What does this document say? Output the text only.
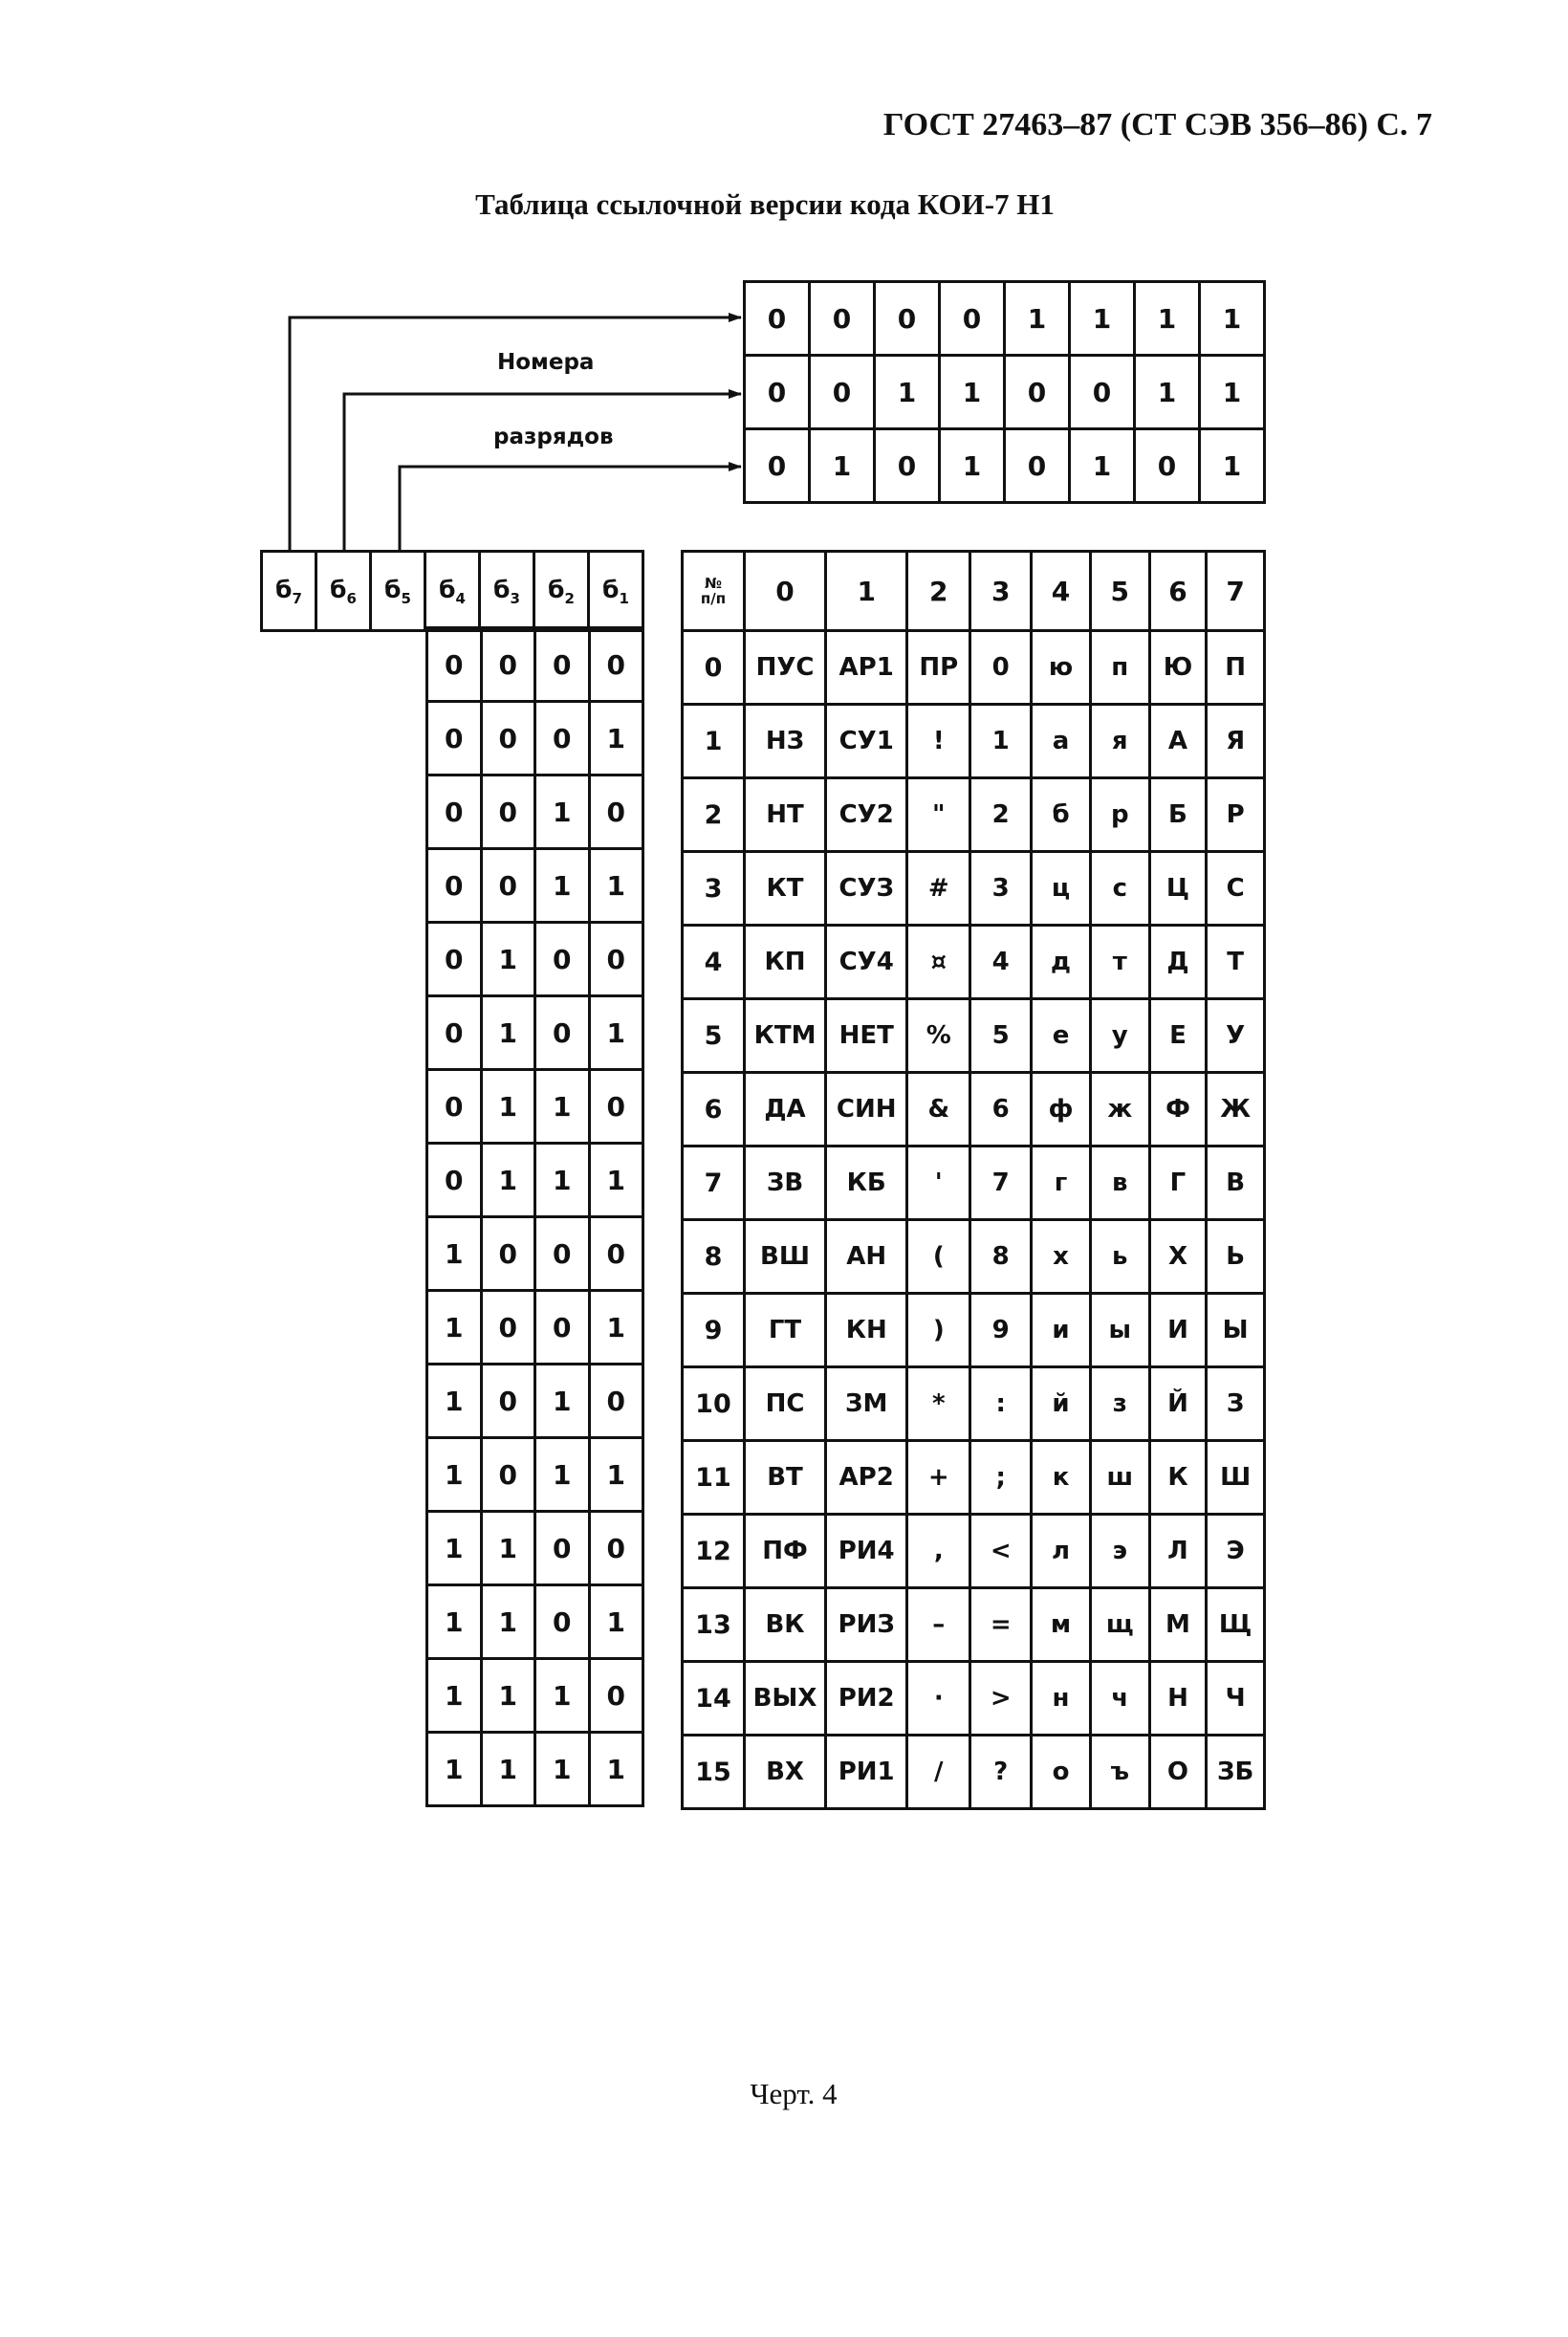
ГОСТ 27463–87 (СТ СЭВ 356–86) С. 7
Таблица ссылочной версии кода КОИ-7 Н1
Номера
разрядов
0	0	0	0	1	1	1	1
0	0	1	1	0	0	1	1
0	1	0	1	0	1	0	1
$б_7$	$б_6$	$б_5$	$б_4$	$б_3$	$б_2$	$б_1$
0	0	0	0
0	0	0	1
0	0	1	0
0	0	1	1
0	1	0	0
0	1	0	1
0	1	1	0
0	1	1	1
1	0	0	0
1	0	0	1
1	0	1	0
1	0	1	1
1	1	0	0
1	1	0	1
1	1	1	0
1	1	1	1
№
п/п	0	1	2	3	4	5	6	7
0	ПУС	АР1	ПР	0	ю	п	Ю	П
1	НЗ	СУ1	!	1	а	я	А	Я
2	НТ	СУ2	"	2	б	р	Б	Р
3	КТ	СУЗ	#	3	ц	с	Ц	С
4	КП	СУ4	¤	4	д	т	Д	Т
5	КТМ	НЕТ	%	5	е	у	Е	У
6	ДА	СИН	&	6	ф	ж	Ф	Ж
7	ЗВ	КБ	'	7	г	в	Г	В
8	ВШ	АН	(	8	х	ь	Х	Ь
9	ГТ	КН	)	9	и	ы	И	Ы
10	ПС	ЗМ	*	:	й	з	Й	З
11	ВТ	АР2	+	;	к	ш	К	Ш
12	ПФ	РИ4	,	<	л	э	Л	Э
13	ВК	РИЗ	–	=	м	щ	М	Щ
14	ВЫХ	РИ2	·	>	н	ч	Н	Ч
15	ВХ	РИ1	/	?	о	ъ	О	ЗБ
Черт. 4
